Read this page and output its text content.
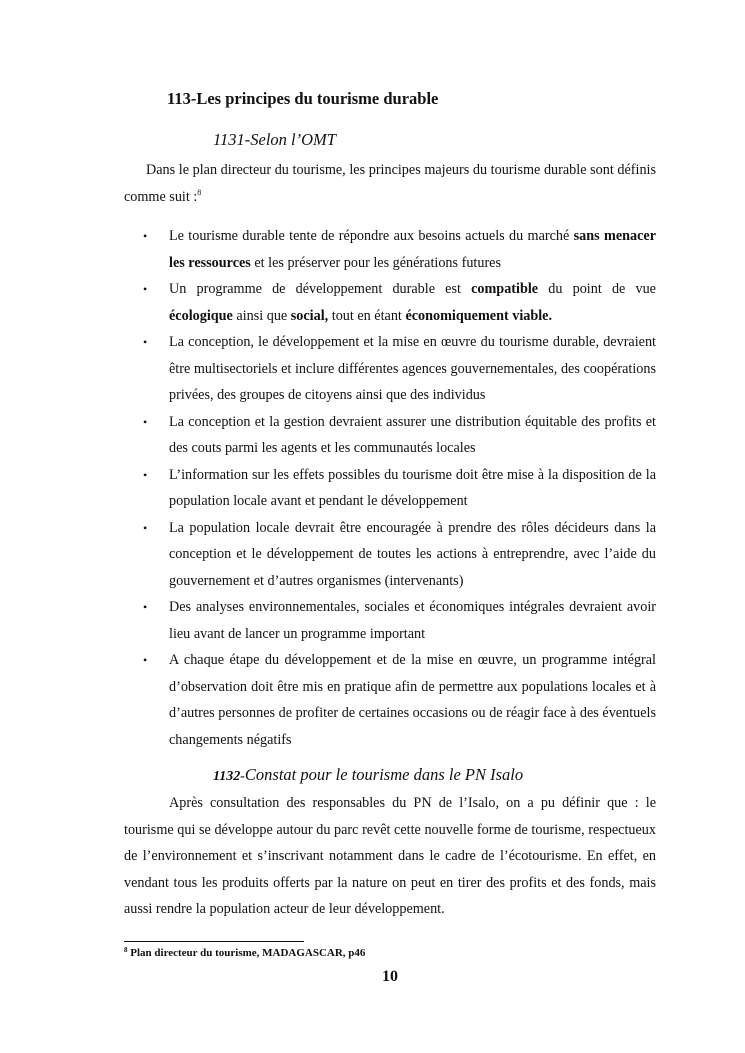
113-Les principes du tourisme durable
1131-Selon l’OMT
Dans le plan directeur du tourisme, les principes majeurs du tourisme durable sont définis comme suit :$^8$
• Le tourisme durable tente de répondre aux besoins actuels du marché sans menacer les ressources et les préserver pour les générations futures
• Un programme de développement durable est compatible du point de vue écologique ainsi que social, tout en étant économiquement viable.
• La conception, le développement et la mise en œuvre du tourisme durable, devraient être multisectoriels et inclure différentes agences gouvernementales, des coopérations privées, des groupes de citoyens ainsi que des individus
• La conception et la gestion devraient assurer une distribution équitable des profits et des couts parmi les agents et les communautés locales
• L’information sur les effets possibles du tourisme doit être mise à la disposition de la population locale avant et pendant le développement
• La population locale devrait être encouragée à prendre des rôles décideurs dans la conception et le développement de toutes les actions à entreprendre, avec l’aide du gouvernement et d’autres organismes (intervenants)
• Des analyses environnementales, sociales et économiques intégrales devraient avoir lieu avant de lancer un programme important
• A chaque étape du développement et de la mise en œuvre, un programme intégral d’observation doit être mis en pratique afin de permettre aux populations locales et à d’autres personnes de profiter de certaines occasions ou de réagir face à des éventuels changements négatifs
1132-Constat pour le tourisme dans le PN Isalo
Après consultation des responsables du PN de l’Isalo, on a pu définir que : le tourisme qui se développe autour du parc revêt cette nouvelle forme de tourisme, respectueux de l’environnement et s’inscrivant notamment dans le cadre de l’écotourisme. En effet, en vendant tous les produits offerts par la nature on peut en tirer des profits et des fonds, mais aussi rendre la population acteur de leur développement.
$^8$ Plan directeur du tourisme, MADAGASCAR, p46
10
